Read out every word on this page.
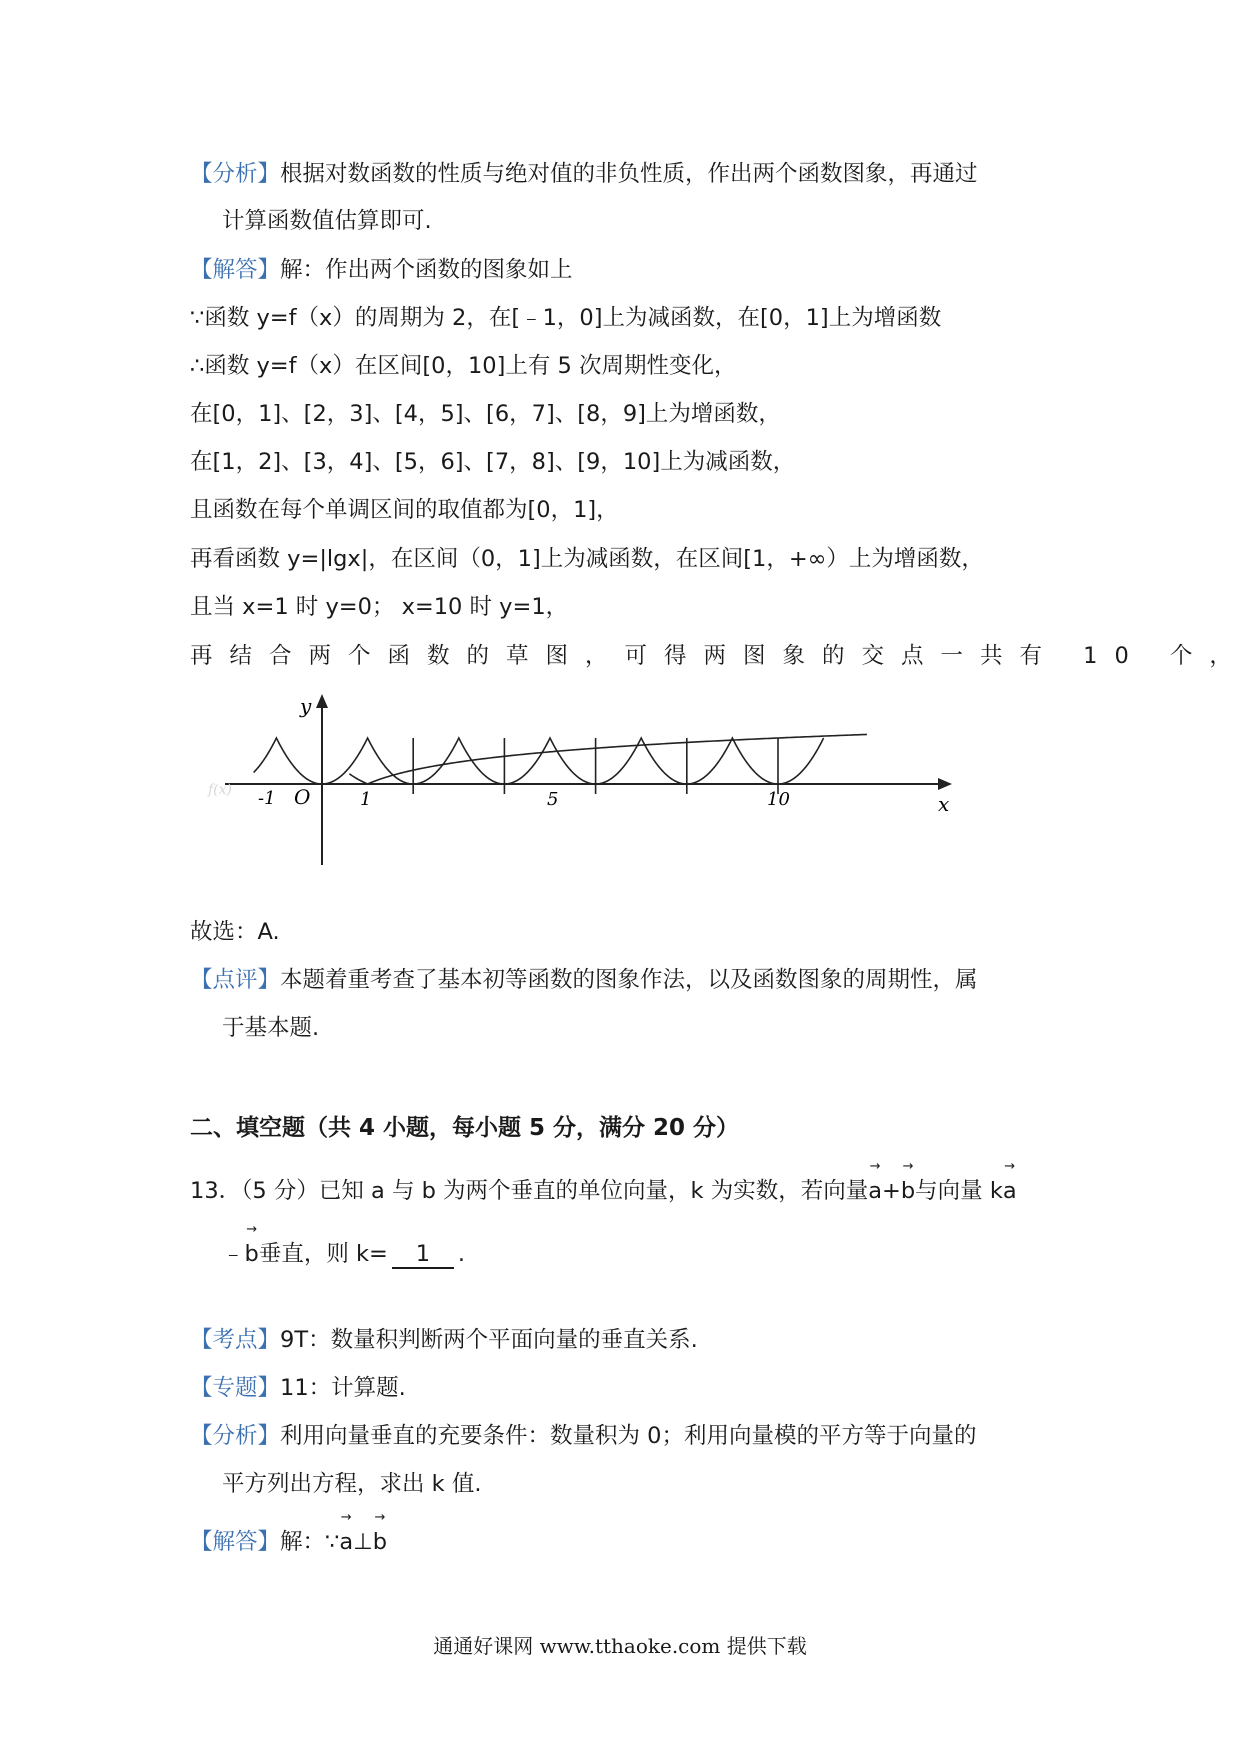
【分析】根据对数函数的性质与绝对值的非负性质，作出两个函数图象，再通过
计算函数值估算即可.
【解答】解：作出两个函数的图象如上
∵函数 y=f（x）的周期为 2，在[﹣1，0]上为减函数，在[0，1]上为增函数
∴函数 y=f（x）在区间[0，10]上有 5 次周期性变化，
在[0，1]、[2，3]、[4，5]、[6，7]、[8，9]上为增函数，
在[1，2]、[3，4]、[5，6]、[7，8]、[9，10]上为减函数，
且函数在每个单调区间的取值都为[0，1]，
再看函数 y=|lgx|，在区间（0，1]上为减函数，在区间[1，+∞）上为增函数，
且当 x=1 时 y=0； x=10 时 y=1，
再结合两个函数的草图，可得两图象的交点一共有 10 个，
y
x
O
-1	1	5	10
f(x)
故选：A.
【点评】本题着重考查了基本初等函数的图象作法，以及函数图象的周期性，属
于基本题.
二、填空题（共 4 小题，每小题 5 分，满分 20 分）
13．（5 分）已知 a 与 b 为两个垂直的单位向量，k 为实数，若向量→ a+→ b与向量 k→ a
﹣→ b垂直，则 k= 1 .
【考点】9T：数量积判断两个平面向量的垂直关系.
【专题】11：计算题.
【分析】利用向量垂直的充要条件：数量积为 0；利用向量模的平方等于向量的
平方列出方程，求出 k 值.
【解答】解：∵→ a⊥→ b
通通好课网 www.tthaoke.com 提供下载
